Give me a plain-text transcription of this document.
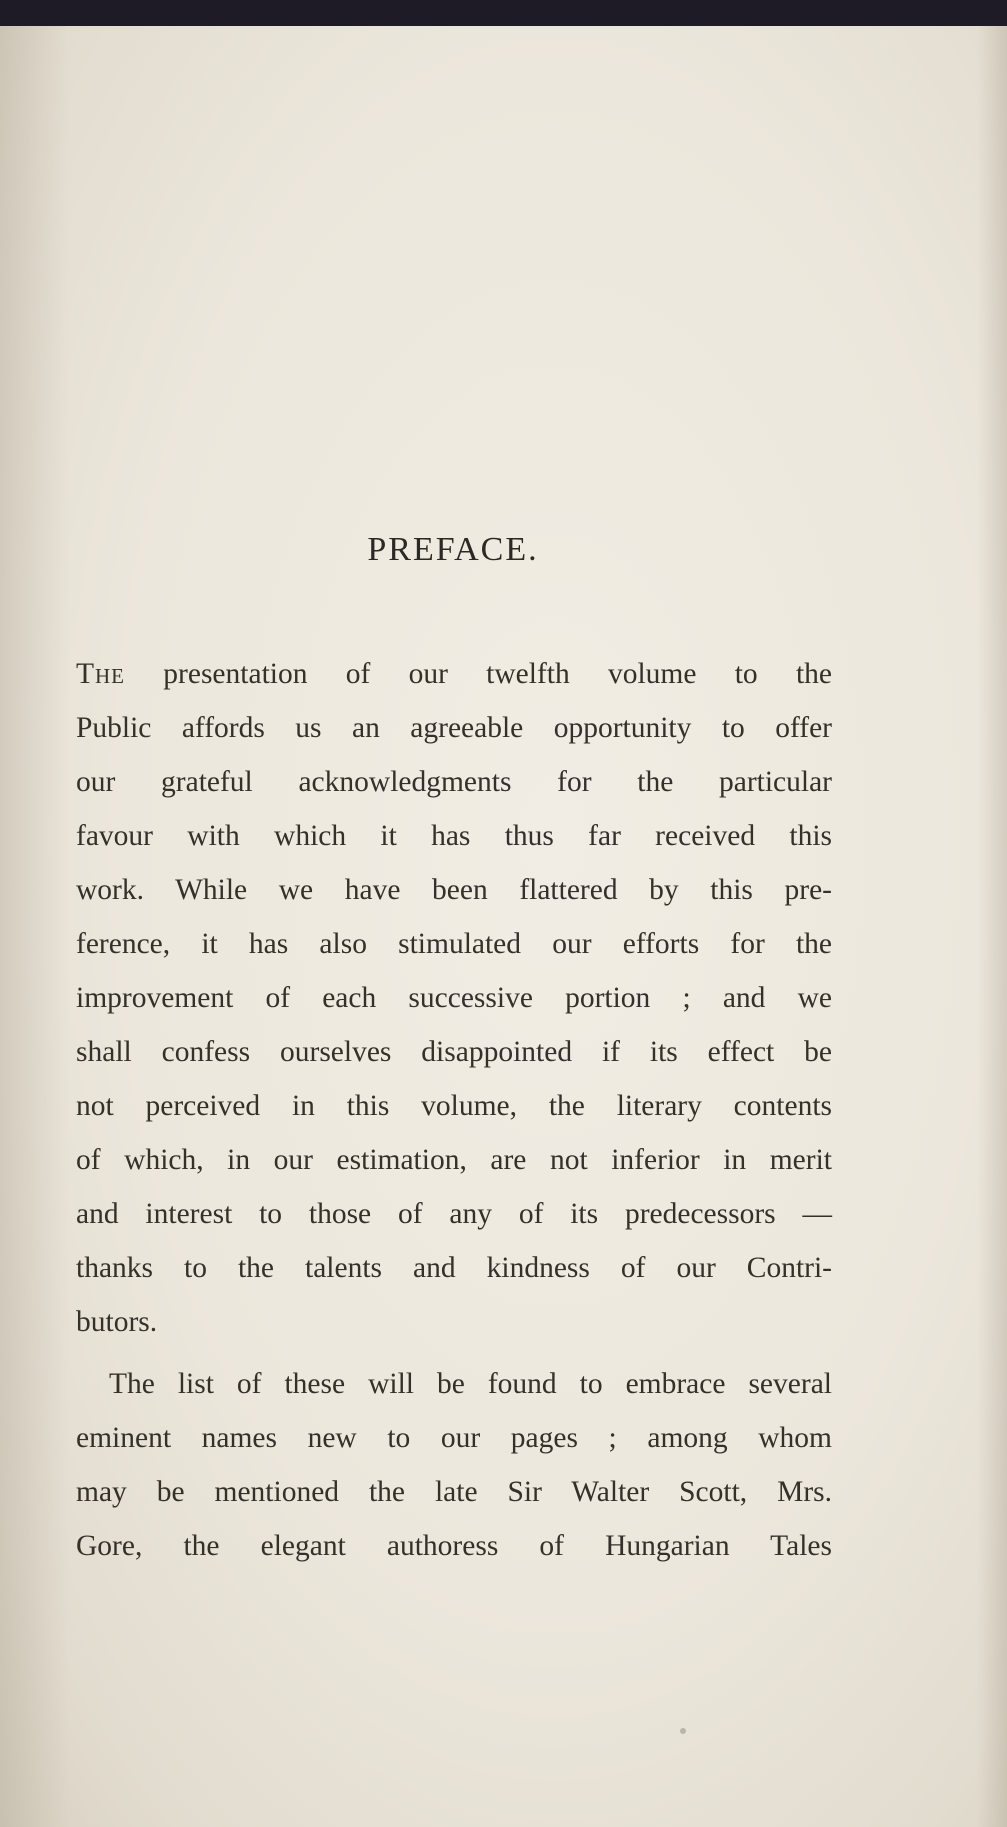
PREFACE.
The presentation of our twelfth volume to the
Public affords us an agreeable opportunity to offer
our grateful acknowledgments for the particular
favour with which it has thus far received this
work. While we have been flattered by this pre-
ference, it has also stimulated our efforts for the
improvement of each successive portion ; and we
shall confess ourselves disappointed if its effect be
not perceived in this volume, the literary contents
of which, in our estimation, are not inferior in merit
and interest to those of any of its predecessors —
thanks to the talents and kindness of our Contri-
butors.
The list of these will be found to embrace several
eminent names new to our pages ; among whom
may be mentioned the late Sir Walter Scott, Mrs.
Gore, the elegant authoress of Hungarian Tales
